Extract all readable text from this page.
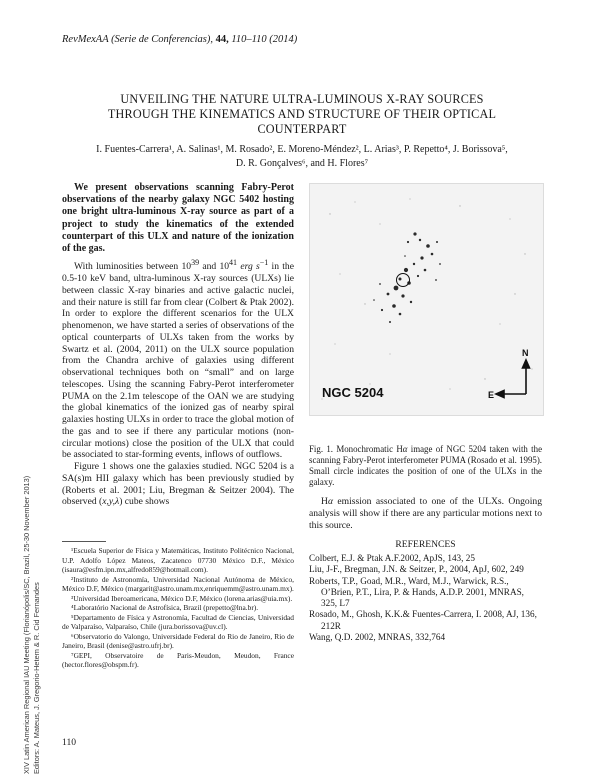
RevMexAA (Serie de Conferencias), 44, 110–110 (2014)
XIV Latin American Regional IAU Meeting (Florianópolis/SC, Brazil, 25-30 November 2013) Editors: A. Mateus, J. Gregorio-Hetem & R. Cid Fernandes
UNVEILING THE NATURE ULTRA-LUMINOUS X-RAY SOURCES
THROUGH THE KINEMATICS AND STRUCTURE OF THEIR OPTICAL
COUNTERPART
I. Fuentes-Carrera¹, A. Salinas¹, M. Rosado², E. Moreno-Méndez², L. Arias³, P. Repetto⁴, J. Borissova⁵,
D. R. Gonçalves⁶, and H. Flores⁷

We present observations scanning Fabry-Perot observations of the nearby galaxy NGC 5402 hosting one bright ultra-luminous X-ray source as part of a project to study the kinematics of the extended counterpart of this ULX and nature of the ionization of the gas.

With luminosities between $10^{39}$ and $10^{41}$ erg $s^{-1}$ in the 0.5-10 keV band, ultra-luminous X-ray sources (ULXs) lie between classic X-ray binaries and active galactic nuclei, and their nature is still far from clear (Colbert & Ptak 2002). In order to explore the different scenarios for the ULX phenomenon, we have started a series of observations of the optical counterparts of ULXs taken from the works by Swartz et al. (2004, 2011) on the ULX source population from the Chandra archive of galaxies using different observational techniques both on “small” and on large telescopes. Using the scanning Fabry-Perot interferometer PUMA on the 2.1m telescope of the OAN we are studying the global kinematics of the ionized gas of nearby spiral galaxies hosting ULXs in order to trace the global motion of the gas and to see if there any particular motions (non-circular motions) close the position of the ULX that could be associated to star-forming events, inflows of outflows.

Figure 1 shows one the galaxies studied. NGC 5204 is a SA(s)m HII galaxy which has been previously studied by (Roberts et al. 2001; Liu, Bregman & Seitzer 2004). The observed (x,y,λ) cube shows

¹Escuela Superior de Física y Matemáticas, Instituto Politécnico Nacional, U.P. Adolfo López Mateos, Zacatenco 07730 México D.F., México (isaura@esfm.ipn.mx,alfredo859@hotmail.com).

²Instituto de Astronomía, Universidad Nacional Autónoma de México, México D.F, México (margarit@astro.unam.mx,enriquemm@astro.unam.mx).

³Universidad Iberoamericana, México D.F, México (lorena.arias@uia.mx).

⁴Laboratório Nacional de Astrofísica, Brazil (prepetto@lna.br).

⁵Departamento de Física y Astronomía, Facultad de Ciencias, Universidad de Valparaíso, Valparaíso, Chile (jura.borissova@uv.cl).

⁶Observatorio do Valongo, Universidade Federal do Rio de Janeiro, Rio de Janeiro, Brasil (denise@astro.ufrj.br).

⁷GEPI, Observatoire de Paris-Meudon, Meudon, France (hector.flores@obspm.fr).

110
N
E
NGC 5204
Fig. 1. Monochromatic Hα image of NGC 5204 taken with the scanning Fabry-Perot interferometer PUMA (Rosado et al. 1995). Small circle indicates the position of one of the ULXs in the galaxy.
Hα emission associated to one of the ULXs. Ongoing analysis will show if there are any particular motions next to this source.
REFERENCES

Colbert, E.J. & Ptak A.F.2002, ApJS, 143, 25

Liu, J-F., Bregman, J.N. & Seitzer, P., 2004, ApJ, 602, 249

Roberts, T.P., Goad, M.R., Ward, M.J., Warwick, R.S., O’Brien, P.T., Lira, P. & Hands, A.D.P. 2001, MNRAS, 325, L7

Rosado, M., Ghosh, K.K.& Fuentes-Carrera, I. 2008, AJ, 136, 212R

Wang, Q.D. 2002, MNRAS, 332,764
